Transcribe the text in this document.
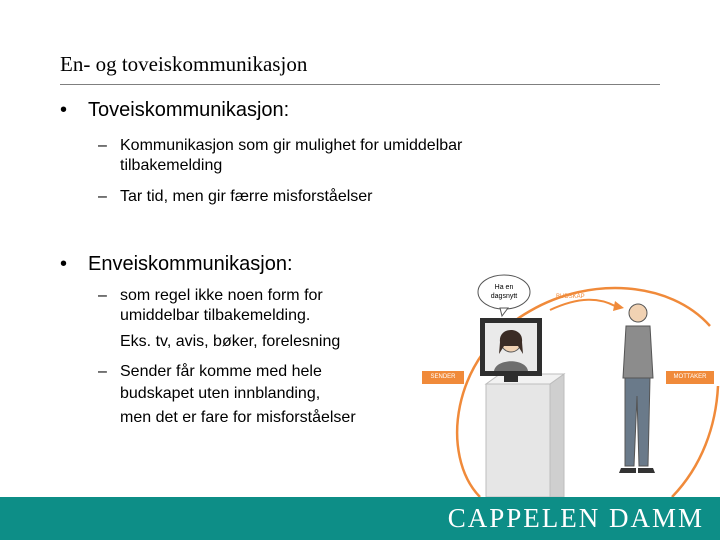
En- og toveiskommunikasjon
• Toveiskommunikasjon:
– Kommunikasjon som gir mulighet for umiddelbar
tilbakemelding
– Tar tid, men gir færre misforståelser
• Enveiskommunikasjon:
– som regel ikke noen form for
umiddelbar tilbakemelding.
Eks. tv, avis, bøker, forelesning
– Sender får komme med hele
budskapet uten innblanding,
men det er fare for misforståelser
Ha en
dagsnytt
SENDER	MOTTAKER
BUDSKAP
CAPPELEN DAMM
